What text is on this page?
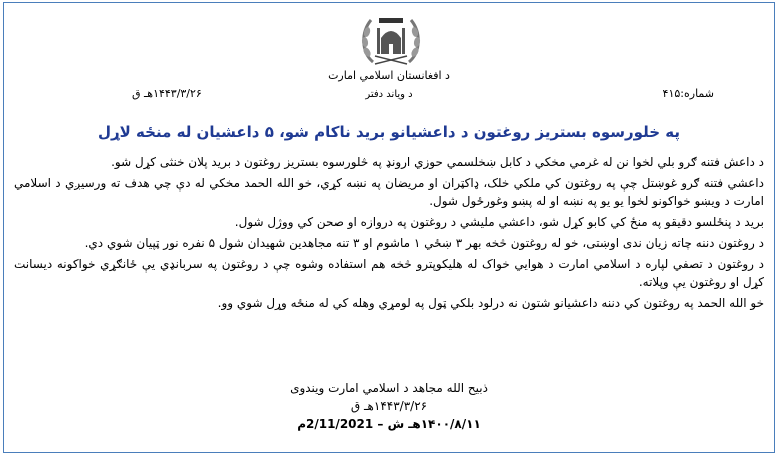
د افغانستان اسلامي امارت
شماره:۴۱۵
د ویاند دفتر
۱۴۴۳/۳/۲۶هـ ق
په خلورسوه بستريز روغتون د داعشيانو بريد ناكام شو، ۵ داعشيان له منځه لاړل

د داعش فتنه ګرو بلي لخوا نن له غرمي مخکي د کابل ښخلسمي حوزي ارونډ په څلورسوه بستريز روغتون د بريد پلان خنثی کړل شو.

داعشي فتنه ګرو غوښتل چې په روغتون کي ملکي خلک، ډاکټران او مريضان په نښه کړي، خو الله الحمد مخکي له دې چي هدف ته ورسيږي د اسلامي امارت د ويښو خواکونو لخوا يو يو په نښه او له پښو وغورځول شول.

بريد د پنځلسو دقيقو په منځ کي کابو کړل شو، داعشي مليشي د روغتون په دروازه او صحن کي ووژل شول.

د روغتون دننه چاته زيان ندی اوښتی، خو له روغتون څخه بهر ۳ ښځي ۱ ماشوم او ۳ تنه مجاهدين شهيدان شول ۵ نفره نور ټپيان شوي دي.

د روغتون د تصفي لپاره د اسلامي امارت د هوايي خواک له هليکوپترو څخه هم استفاده وشوه چې د روغتون په سربانډي يې ځانګړي خواکونه ديسانت کړل او روغتون يې وپلاته.

خو الله الحمد په روغتون کي دننه داعشيانو شتون نه درلود بلکي ټول په لومړي وهله کي له منځه وړل شوي وو.

ذبيح الله مجاهد د اسلامي امارت ويندوی
۱۴۴۳/۳/۲۶هـ ق
۱۴۰۰/۸/۱۱هـ ش – 2/11/2021م
